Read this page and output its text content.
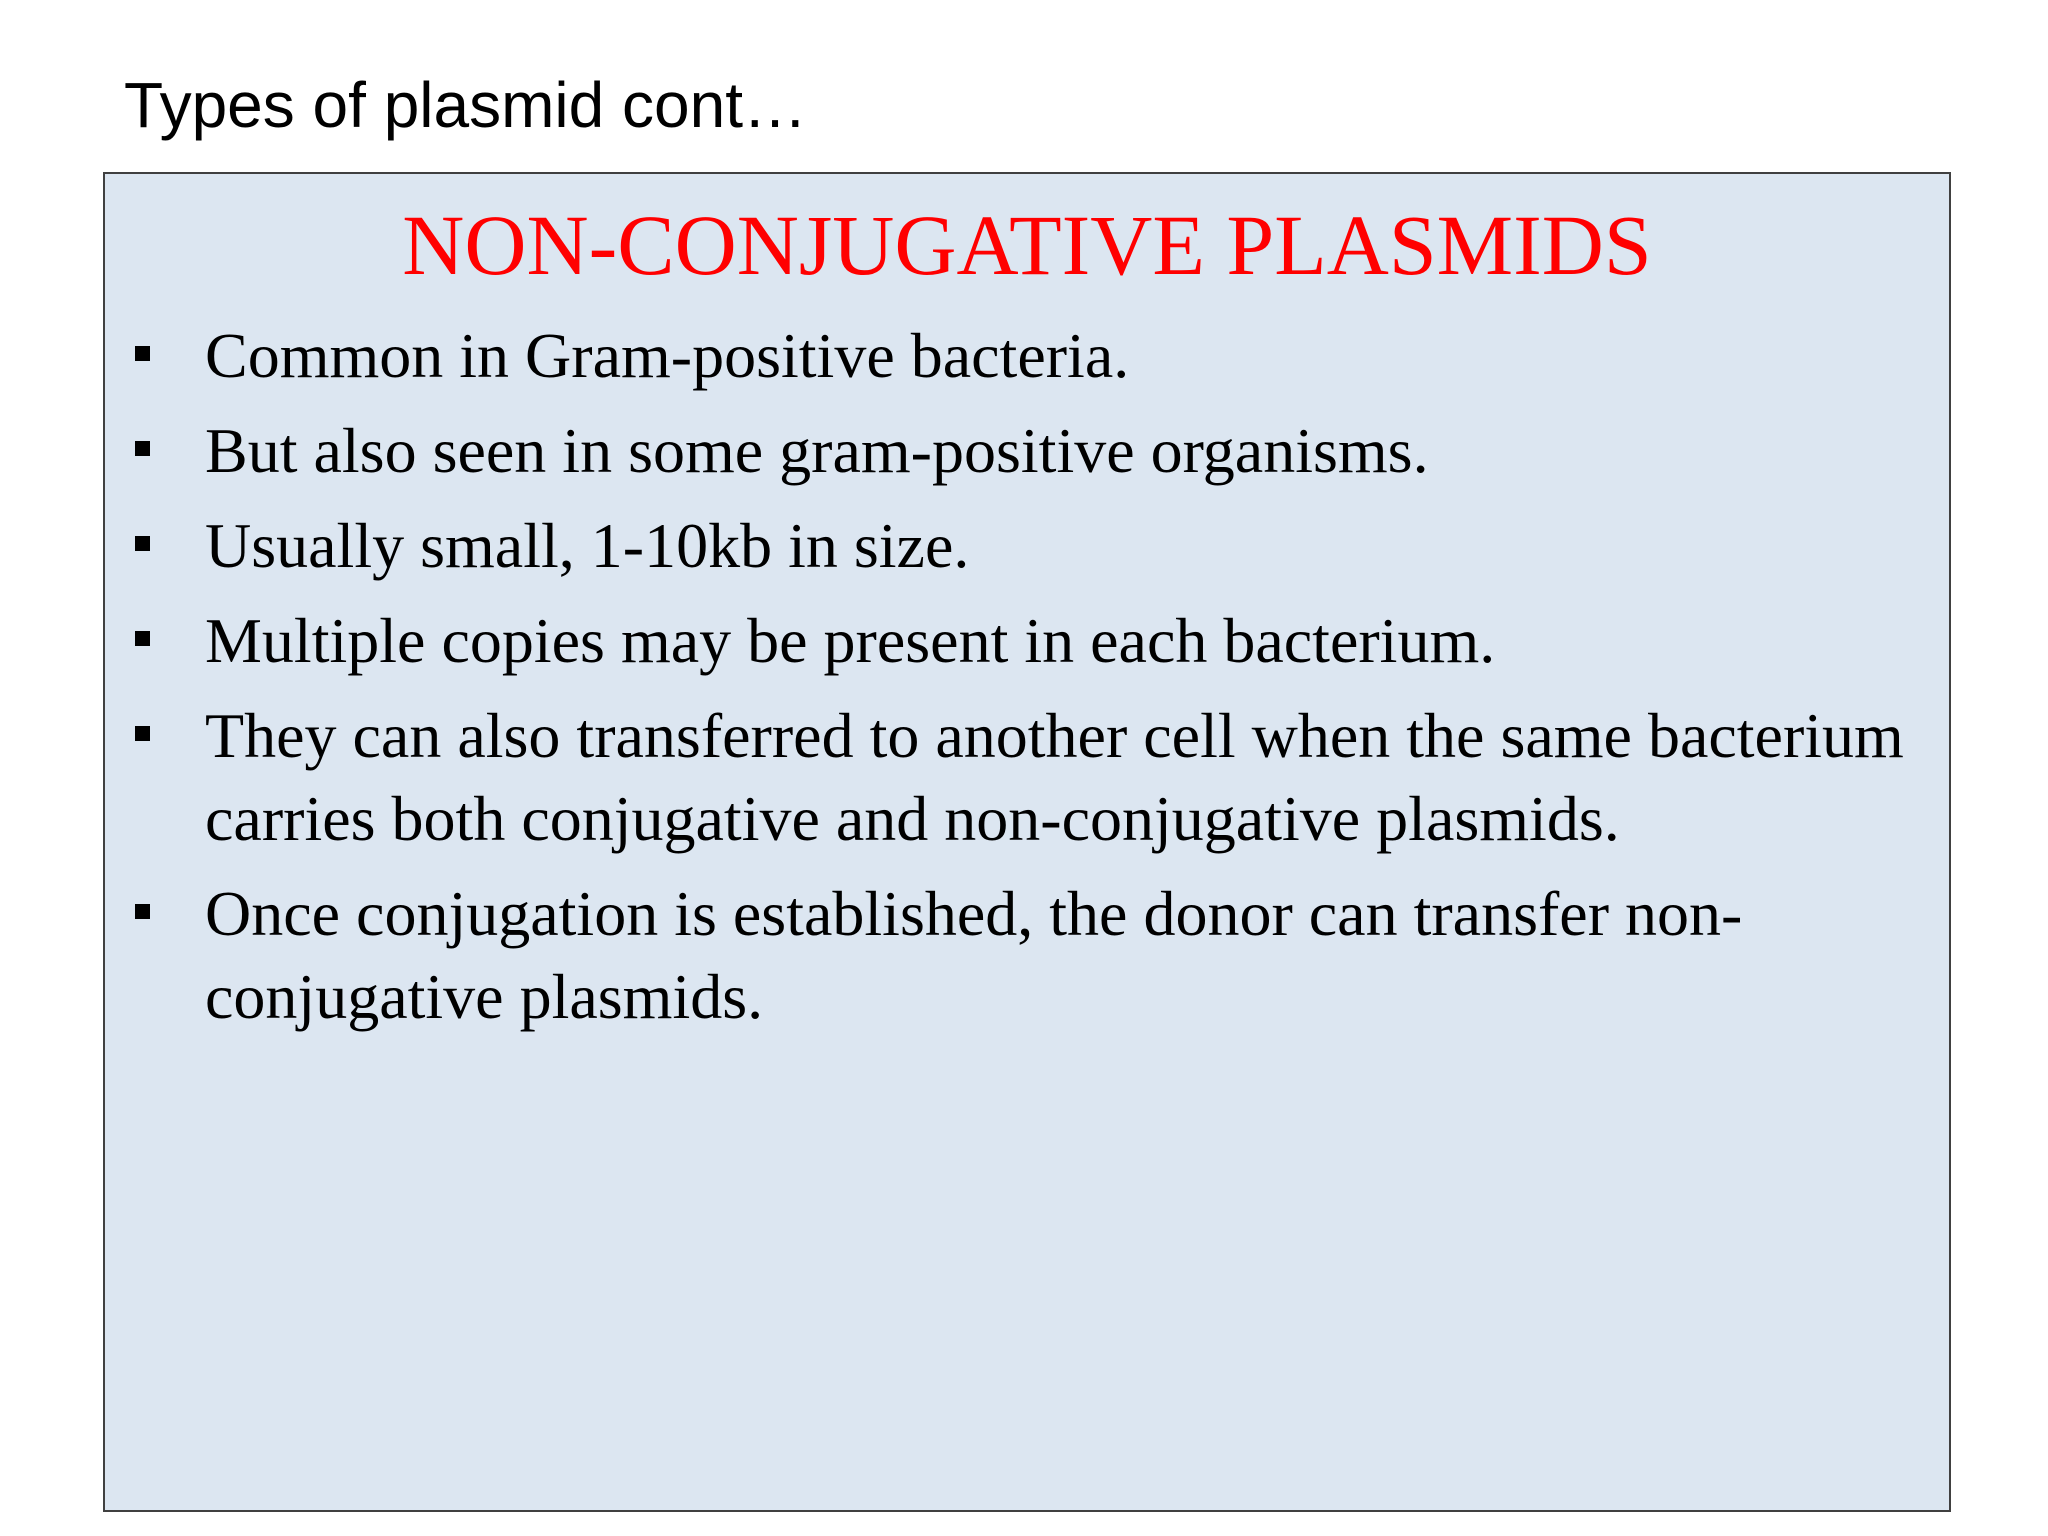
Types of plasmid cont…
NON-CONJUGATIVE PLASMIDS
Common in Gram-positive bacteria.
But also seen in some gram-positive organisms.
Usually small, 1-10kb in size.
Multiple copies may be present in each bacterium.
They can also transferred to another cell when the same bacterium carries both conjugative and non-conjugative plasmids.
Once conjugation is established, the donor can transfer non-conjugative plasmids.
